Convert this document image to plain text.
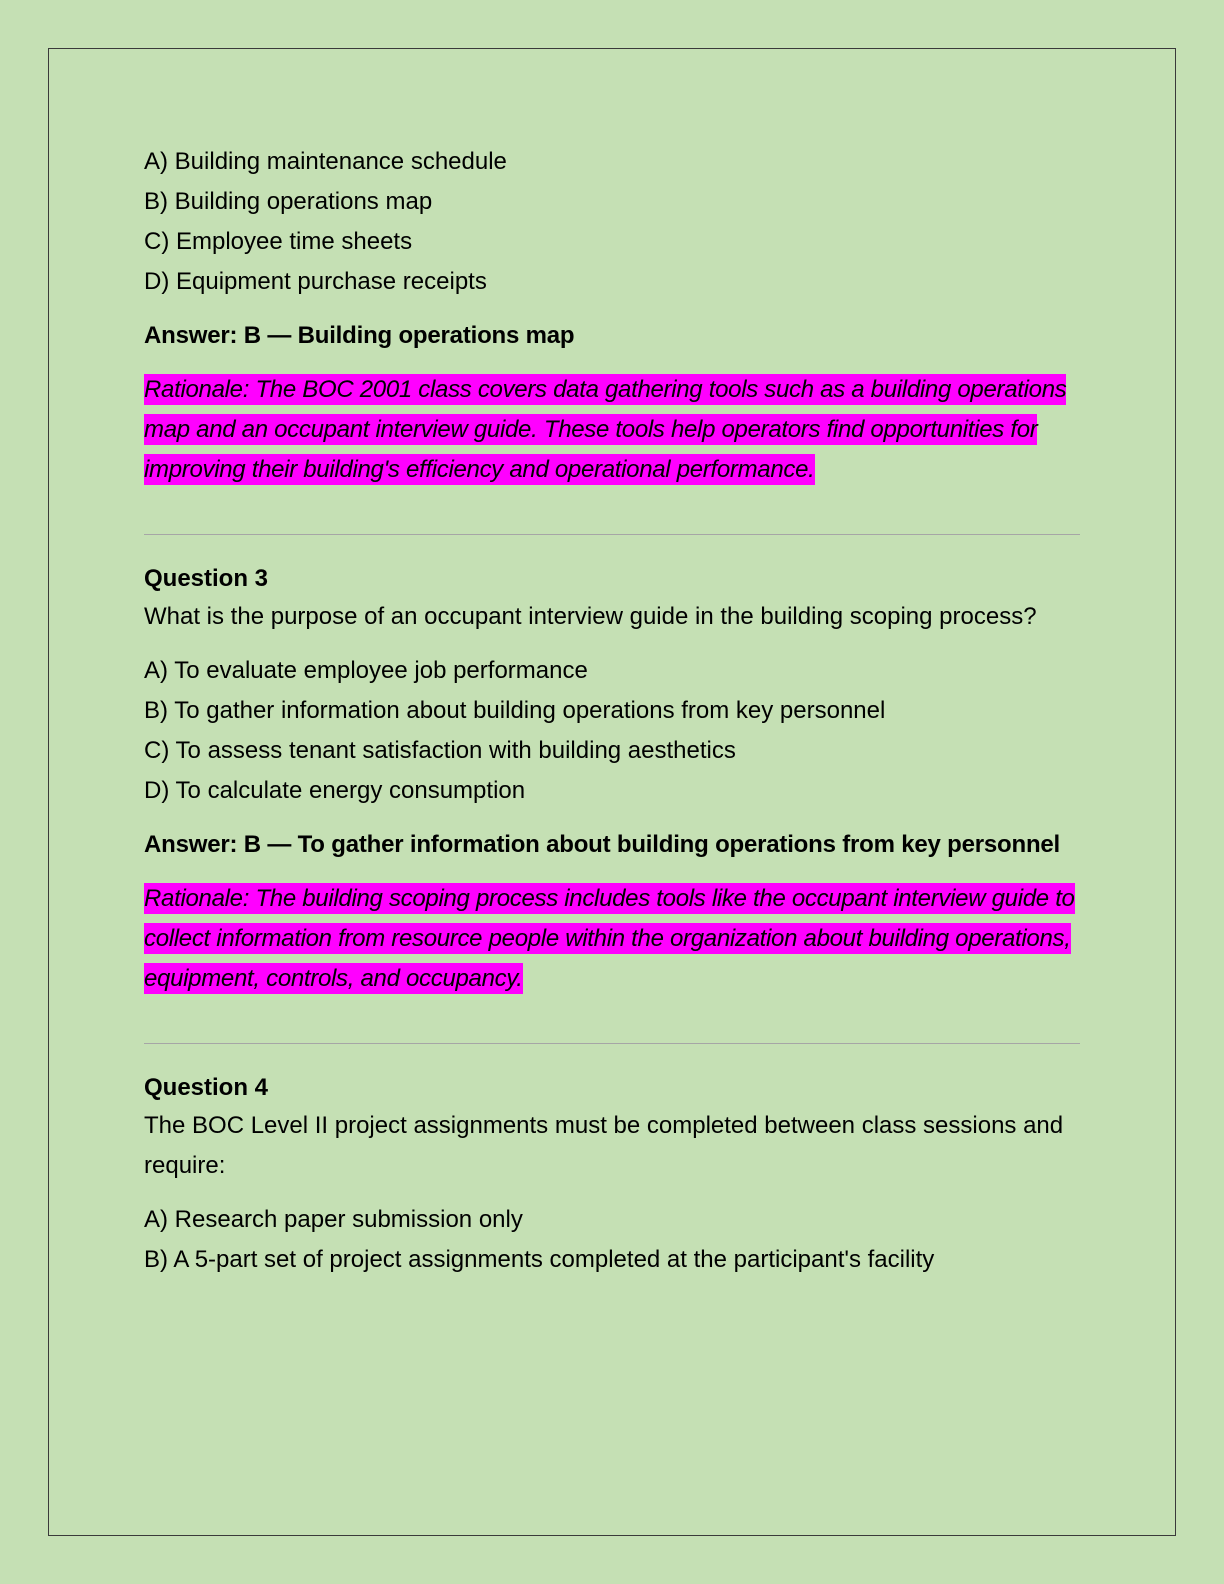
A) Building maintenance schedule
B) Building operations map
C) Employee time sheets
D) Equipment purchase receipts
Answer: B — Building operations map
Rationale: The BOC 2001 class covers data gathering tools such as a building operations map and an occupant interview guide. These tools help operators find opportunities for improving their building's efficiency and operational performance.
Question 3
What is the purpose of an occupant interview guide in the building scoping process?
A) To evaluate employee job performance
B) To gather information about building operations from key personnel
C) To assess tenant satisfaction with building aesthetics
D) To calculate energy consumption
Answer: B — To gather information about building operations from key personnel
Rationale: The building scoping process includes tools like the occupant interview guide to collect information from resource people within the organization about building operations, equipment, controls, and occupancy.
Question 4
The BOC Level II project assignments must be completed between class sessions and require:
A) Research paper submission only
B) A 5-part set of project assignments completed at the participant's facility
